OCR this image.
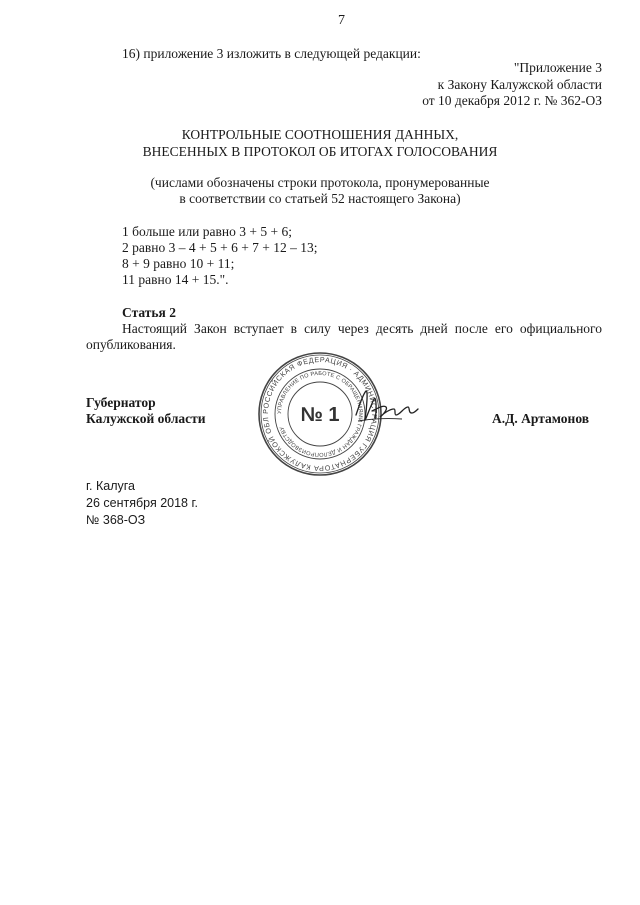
7
16) приложение 3 изложить в следующей редакции:
"Приложение 3
к Закону Калужской области
от 10 декабря 2012 г. № 362-ОЗ
КОНТРОЛЬНЫЕ СООТНОШЕНИЯ ДАННЫХ,
ВНЕСЕННЫХ В ПРОТОКОЛ ОБ ИТОГАХ ГОЛОСОВАНИЯ
(числами обозначены строки протокола, пронумерованные
в соответствии со статьей 52 настоящего Закона)
1 больше или равно 3 + 5 + 6;
2 равно 3 – 4 + 5 + 6 + 7 + 12 – 13;
8 + 9 равно 10 + 11;
11 равно 14 + 15.".
Статья 2
Настоящий Закон вступает в силу через десять дней после его официального опубликования.
Губернатор
Калужской области	А.Д. Артамонов
РОССИЙСКАЯ ФЕДЕРАЦИЯ · АДМИНИСТРАЦИЯ ГУБЕРНАТОРА КАЛУЖСКОЙ ОБЛ
УПРАВЛЕНИЕ ПО РАБОТЕ С ОБРАЩЕНИЯМИ ГРАЖДАН И ДЕЛОПРОИЗВОДСТВУ
№ 1
г. Калуга
26 сентября 2018 г.
№ 368-ОЗ
